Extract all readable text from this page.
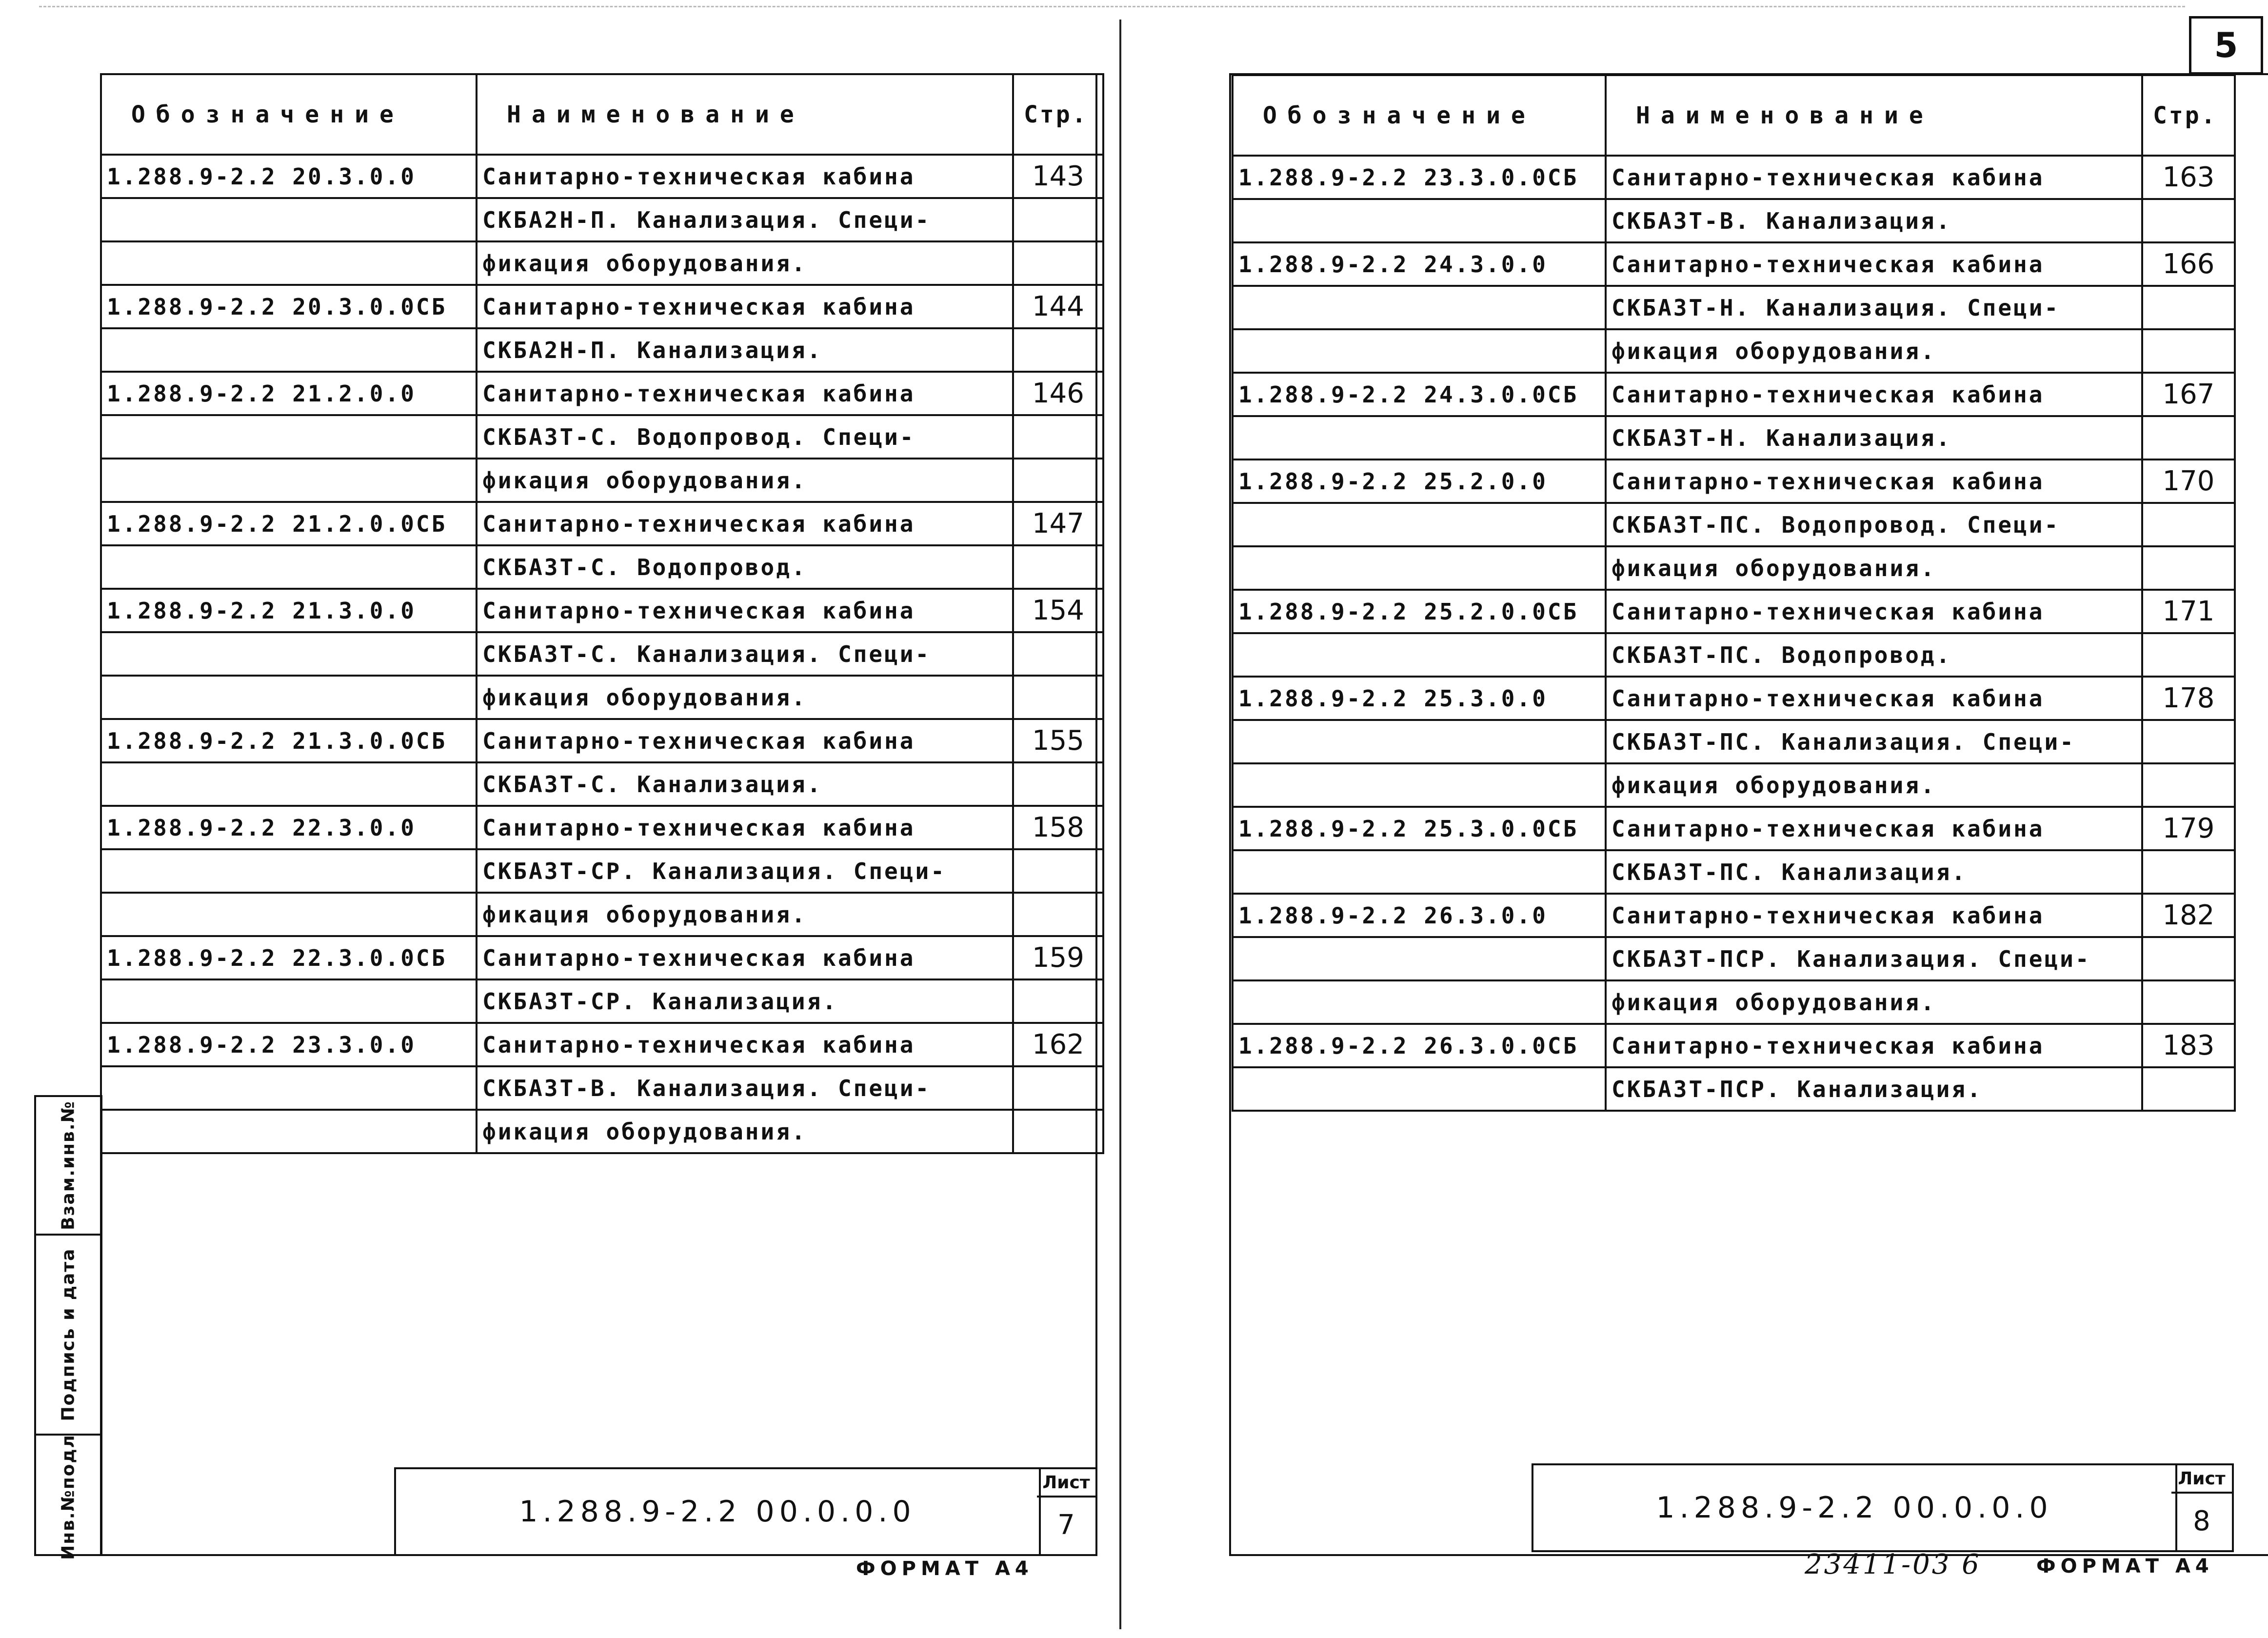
5
Обозначение	Наименование	Стр.
1.288.9-2.2 20.3.0.0	Санитарно-техническая кабина	143
	СКБА2Н-П. Канализация. Специ-	
	фикация оборудования.	
1.288.9-2.2 20.3.0.0СБ	Санитарно-техническая кабина	144
	СКБА2Н-П. Канализация.	
1.288.9-2.2 21.2.0.0	Санитарно-техническая кабина	146
	СКБА3Т-С. Водопровод. Специ-	
	фикация оборудования.	
1.288.9-2.2 21.2.0.0СБ	Санитарно-техническая кабина	147
	СКБА3Т-С. Водопровод.	
1.288.9-2.2 21.3.0.0	Санитарно-техническая кабина	154
	СКБА3Т-С. Канализация. Специ-	
	фикация оборудования.	
1.288.9-2.2 21.3.0.0СБ	Санитарно-техническая кабина	155
	СКБА3Т-С. Канализация.	
1.288.9-2.2 22.3.0.0	Санитарно-техническая кабина	158
	СКБА3Т-СР. Канализация. Специ-	
	фикация оборудования.	
1.288.9-2.2 22.3.0.0СБ	Санитарно-техническая кабина	159
	СКБА3Т-СР. Канализация.	
1.288.9-2.2 23.3.0.0	Санитарно-техническая кабина	162
	СКБА3Т-В. Канализация. Специ-	
	фикация оборудования.	
Инв.№подл
Подпись и дата
Взам.инв.№
1.288.9-2.2 00.0.0.0
Лист
7
ФОРМАТ А4
Обозначение	Наименование	Стр.
1.288.9-2.2 23.3.0.0СБ	Санитарно-техническая кабина	163
	СКБА3Т-В. Канализация.	
1.288.9-2.2 24.3.0.0	Санитарно-техническая кабина	166
	СКБА3Т-Н. Канализация. Специ-	
	фикация оборудования.	
1.288.9-2.2 24.3.0.0СБ	Санитарно-техническая кабина	167
	СКБА3Т-Н. Канализация.	
1.288.9-2.2 25.2.0.0	Санитарно-техническая кабина	170
	СКБА3Т-ПС. Водопровод. Специ-	
	фикация оборудования.	
1.288.9-2.2 25.2.0.0СБ	Санитарно-техническая кабина	171
	СКБА3Т-ПС. Водопровод.	
1.288.9-2.2 25.3.0.0	Санитарно-техническая кабина	178
	СКБА3Т-ПС. Канализация. Специ-	
	фикация оборудования.	
1.288.9-2.2 25.3.0.0СБ	Санитарно-техническая кабина	179
	СКБА3Т-ПС. Канализация.	
1.288.9-2.2 26.3.0.0	Санитарно-техническая кабина	182
	СКБА3Т-ПСР. Канализация. Специ-	
	фикация оборудования.	
1.288.9-2.2 26.3.0.0СБ	Санитарно-техническая кабина	183
	СКБА3Т-ПСР. Канализация.	
1.288.9-2.2 00.0.0.0
Лист
8
23411-03 6	ФОРМАТ А4
